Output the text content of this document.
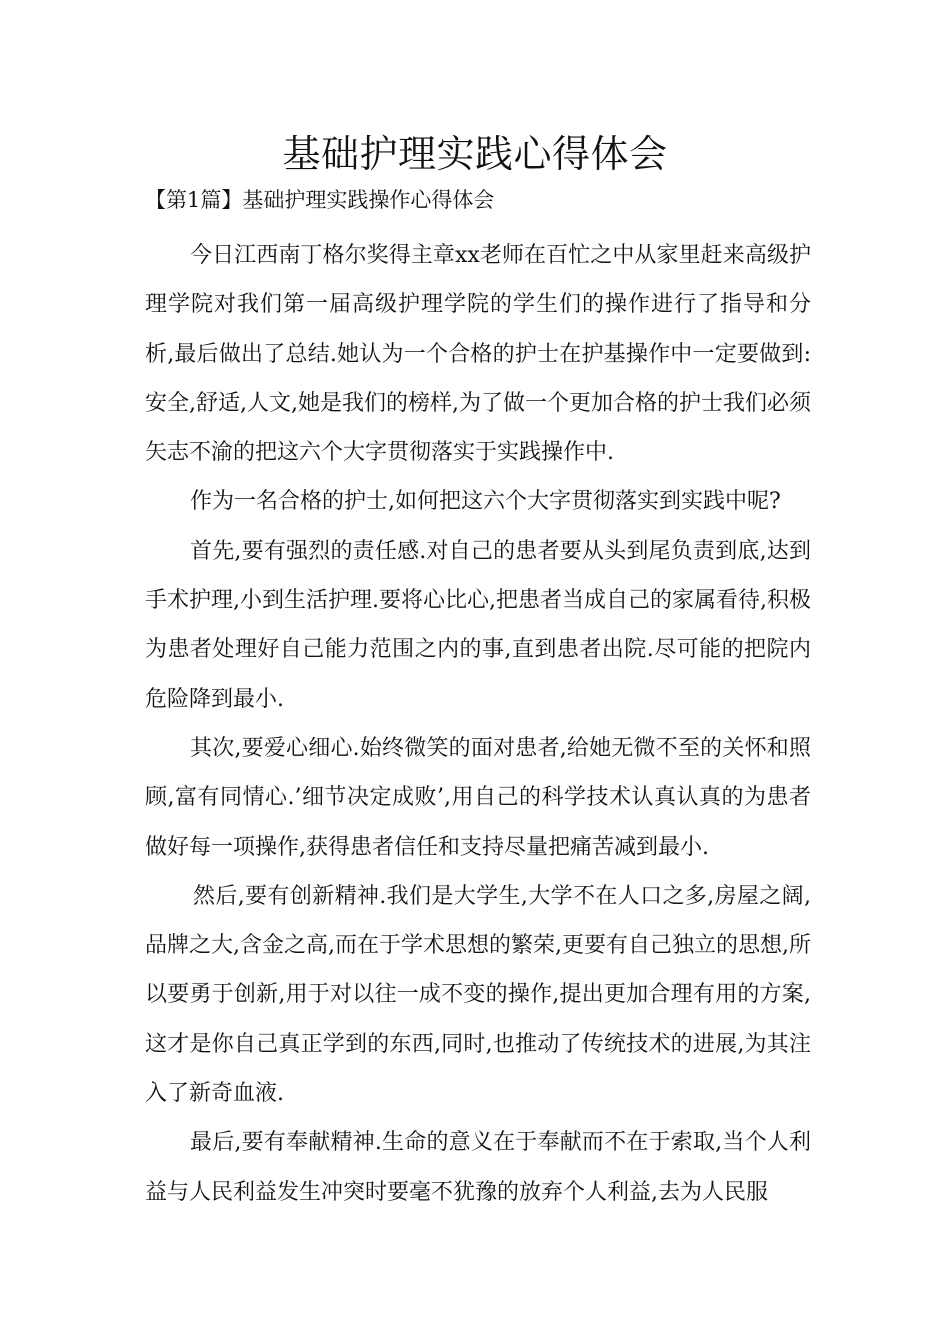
基础护理实践心得体会
【第1篇】基础护理实践操作心得体会

今日江西南丁格尔奖得主章xx老师在百忙之中从家里赶来高级护理学院对我们第一届高级护理学院的学生们的操作进行了指导和分析,最后做出了总结.她认为一个合格的护士在护基操作中一定要做到:安全,舒适,人文,她是我们的榜样,为了做一个更加合格的护士我们必须矢志不渝的把这六个大字贯彻落实于实践操作中.

作为一名合格的护士,如何把这六个大字贯彻落实到实践中呢?

首先,要有强烈的责任感.对自己的患者要从头到尾负责到底,达到手术护理,小到生活护理.要将心比心,把患者当成自己的家属看待,积极为患者处理好自己能力范围之内的事,直到患者出院.尽可能的把院内危险降到最小.

其次,要爱心细心.始终微笑的面对患者,给她无微不至的关怀和照顾,富有同情心.’细节决定成败’,用自己的科学技术认真认真的为患者做好每一项操作,获得患者信任和支持尽量把痛苦减到最小.

然后,要有创新精神.我们是大学生,大学不在人口之多,房屋之阔,品牌之大,含金之高,而在于学术思想的繁荣,更要有自己独立的思想,所以要勇于创新,用于对以往一成不变的操作,提出更加合理有用的方案,这才是你自己真正学到的东西,同时,也推动了传统技术的进展,为其注入了新奇血液.

最后,要有奉献精神.生命的意义在于奉献而不在于索取,当个人利益与人民利益发生冲突时要毫不犹豫的放弃个人利益,去为人民服
